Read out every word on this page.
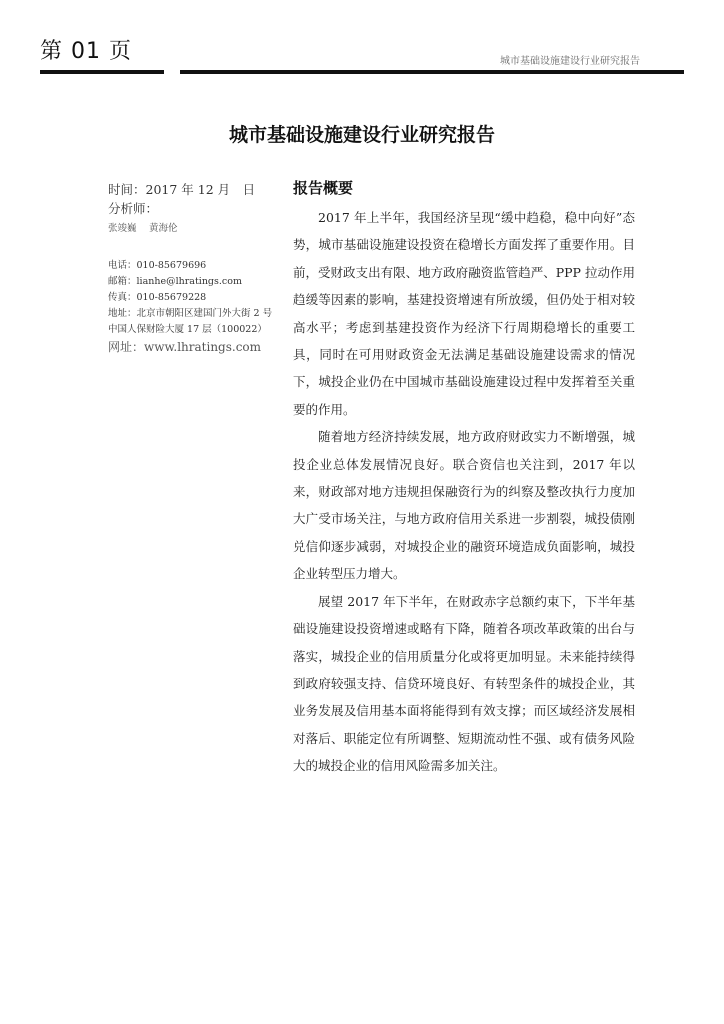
第 01 页	城市基础设施建设行业研究报告
城市基础设施建设行业研究报告
时间：2017 年 12 月　日
分析师：
张竣巍　 黄海伦
电话：010-85679696
邮箱：lianhe@lhratings.com
传真：010-85679228
地址：北京市朝阳区建国门外大街 2 号中国人保财险大厦 17 层（100022）
网址：www.lhratings.com
报告概要

2017 年上半年，我国经济呈现“缓中趋稳，稳中向好”态势，城市基础设施建设投资在稳增长方面发挥了重要作用。目前，受财政支出有限、地方政府融资监管趋严、PPP 拉动作用趋缓等因素的影响，基建投资增速有所放缓，但仍处于相对较高水平；考虑到基建投资作为经济下行周期稳增长的重要工具，同时在可用财政资金无法满足基础设施建设需求的情况下，城投企业仍在中国城市基础设施建设过程中发挥着至关重要的作用。

随着地方经济持续发展，地方政府财政实力不断增强，城投企业总体发展情况良好。联合资信也关注到，2017 年以来，财政部对地方违规担保融资行为的纠察及整改执行力度加大广受市场关注，与地方政府信用关系进一步割裂，城投债刚兑信仰逐步减弱，对城投企业的融资环境造成负面影响，城投企业转型压力增大。

展望 2017 年下半年，在财政赤字总额约束下，下半年基础设施建设投资增速或略有下降，随着各项改革政策的出台与落实，城投企业的信用质量分化或将更加明显。未来能持续得到政府较强支持、信贷环境良好、有转型条件的城投企业，其业务发展及信用基本面将能得到有效支撑；而区域经济发展相对落后、职能定位有所调整、短期流动性不强、或有债务风险大的城投企业的信用风险需多加关注。
